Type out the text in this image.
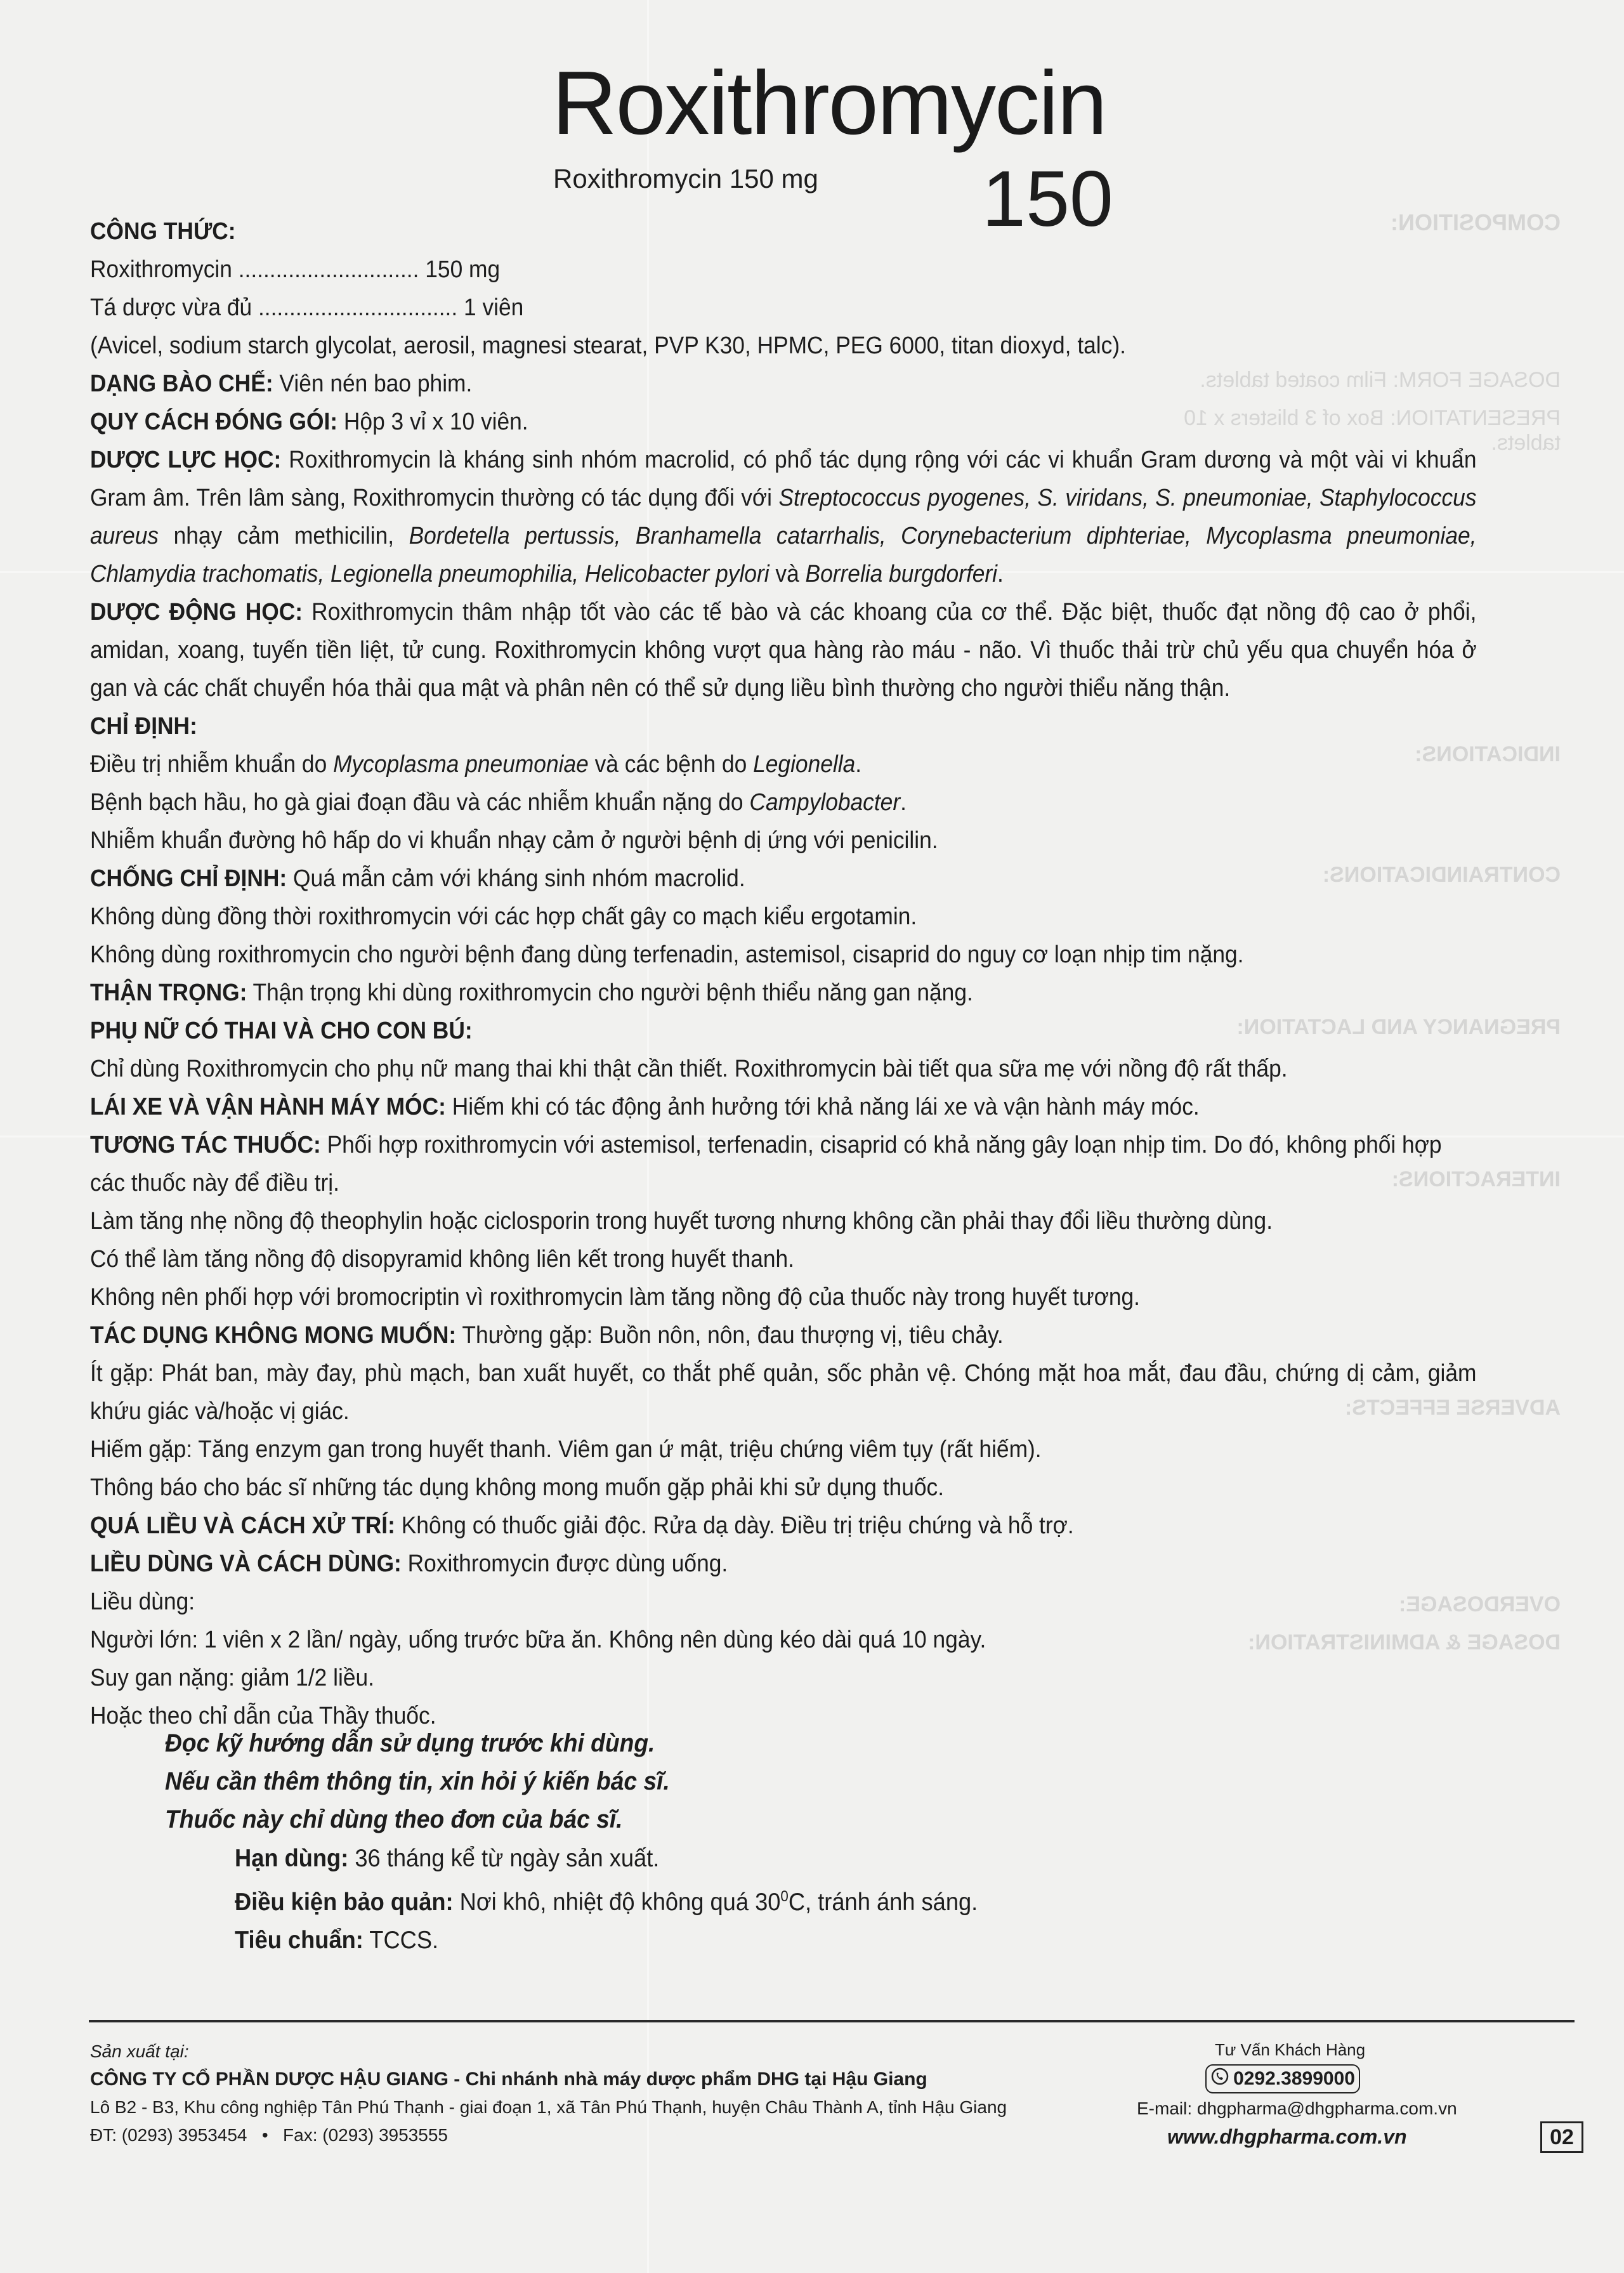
COMPOSITION:
DOSAGE FORM: Film coated tablets.
PRESENTATION: Box of 3 blisters x 10 tablets.
INDICATIONS:
CONTRAINDICATIONS:
PREGNANCY AND LACTATION:
INTERACTIONS:
ADVERSE EFFECTS:
OVERDOSAGE:
DOSAGE & ADMINISTRATION:
Roxithromycin
Roxithromycin 150 mg 150

CÔNG THỨC:

Roxithromycin ............................. 150 mg

Tá dược vừa đủ ................................ 1 viên

(Avicel, sodium starch glycolat, aerosil, magnesi stearat, PVP K30, HPMC, PEG 6000, titan dioxyd, talc).

DẠNG BÀO CHẾ: Viên nén bao phim.

QUY CÁCH ĐÓNG GÓI: Hộp 3 vỉ x 10 viên.

DƯỢC LỰC HỌC: Roxithromycin là kháng sinh nhóm macrolid, có phổ tác dụng rộng với các vi khuẩn Gram dương và một vài vi khuẩn Gram âm. Trên lâm sàng, Roxithromycin thường có tác dụng đối với Streptococcus pyogenes, S. viridans, S. pneumoniae, Staphylococcus aureus nhạy cảm methicilin, Bordetella pertussis, Branhamella catarrhalis, Corynebacterium diphteriae, Mycoplasma pneumoniae, Chlamydia trachomatis, Legionella pneumophilia, Helicobacter pylori và Borrelia burgdorferi.

DƯỢC ĐỘNG HỌC: Roxithromycin thâm nhập tốt vào các tế bào và các khoang của cơ thể. Đặc biệt, thuốc đạt nồng độ cao ở phổi, amidan, xoang, tuyến tiền liệt, tử cung. Roxithromycin không vượt qua hàng rào máu - não. Vì thuốc thải trừ chủ yếu qua chuyển hóa ở gan và các chất chuyển hóa thải qua mật và phân nên có thể sử dụng liều bình thường cho người thiểu năng thận.

CHỈ ĐỊNH:

Điều trị nhiễm khuẩn do Mycoplasma pneumoniae và các bệnh do Legionella.

Bệnh bạch hầu, ho gà giai đoạn đầu và các nhiễm khuẩn nặng do Campylobacter.

Nhiễm khuẩn đường hô hấp do vi khuẩn nhạy cảm ở người bệnh dị ứng với penicilin.

CHỐNG CHỈ ĐỊNH: Quá mẫn cảm với kháng sinh nhóm macrolid.

Không dùng đồng thời roxithromycin với các hợp chất gây co mạch kiểu ergotamin.

Không dùng roxithromycin cho người bệnh đang dùng terfenadin, astemisol, cisaprid do nguy cơ loạn nhịp tim nặng.

THẬN TRỌNG: Thận trọng khi dùng roxithromycin cho người bệnh thiểu năng gan nặng.

PHỤ NỮ CÓ THAI VÀ CHO CON BÚ:

Chỉ dùng Roxithromycin cho phụ nữ mang thai khi thật cần thiết. Roxithromycin bài tiết qua sữa mẹ với nồng độ rất thấp.

LÁI XE VÀ VẬN HÀNH MÁY MÓC: Hiếm khi có tác động ảnh hưởng tới khả năng lái xe và vận hành máy móc.

TƯƠNG TÁC THUỐC: Phối hợp roxithromycin với astemisol, terfenadin, cisaprid có khả năng gây loạn nhịp tim. Do đó, không phối hợp các thuốc này để điều trị.

Làm tăng nhẹ nồng độ theophylin hoặc ciclosporin trong huyết tương nhưng không cần phải thay đổi liều thường dùng.

Có thể làm tăng nồng độ disopyramid không liên kết trong huyết thanh.

Không nên phối hợp với bromocriptin vì roxithromycin làm tăng nồng độ của thuốc này trong huyết tương.

TÁC DỤNG KHÔNG MONG MUỐN: Thường gặp: Buồn nôn, nôn, đau thượng vị, tiêu chảy.

Ít gặp: Phát ban, mày đay, phù mạch, ban xuất huyết, co thắt phế quản, sốc phản vệ. Chóng mặt hoa mắt, đau đầu, chứng dị cảm, giảm khứu giác và/hoặc vị giác.

Hiếm gặp: Tăng enzym gan trong huyết thanh. Viêm gan ứ mật, triệu chứng viêm tụy (rất hiếm).

Thông báo cho bác sĩ những tác dụng không mong muốn gặp phải khi sử dụng thuốc.

QUÁ LIỀU VÀ CÁCH XỬ TRÍ: Không có thuốc giải độc. Rửa dạ dày. Điều trị triệu chứng và hỗ trợ.

LIỀU DÙNG VÀ CÁCH DÙNG: Roxithromycin được dùng uống.

Liều dùng:

Người lớn: 1 viên x 2 lần/ ngày, uống trước bữa ăn. Không nên dùng kéo dài quá 10 ngày.

Suy gan nặng: giảm 1/2 liều.

Hoặc theo chỉ dẫn của Thầy thuốc.

Đọc kỹ hướng dẫn sử dụng trước khi dùng.

Nếu cần thêm thông tin, xin hỏi ý kiến bác sĩ.

Thuốc này chỉ dùng theo đơn của bác sĩ.

Hạn dùng: 36 tháng kể từ ngày sản xuất.

Điều kiện bảo quản: Nơi khô, nhiệt độ không quá $30^0C$, tránh ánh sáng.

Tiêu chuẩn: TCCS.

Sản xuất tại:

CÔNG TY CỔ PHẦN DƯỢC HẬU GIANG - Chi nhánh nhà máy dược phẩm DHG tại Hậu Giang

Lô B2 - B3, Khu công nghiệp Tân Phú Thạnh - giai đoạn 1, xã Tân Phú Thạnh, huyện Châu Thành A, tỉnh Hậu Giang

ĐT: (0293) 3953454 • Fax: (0293) 3953555

Tư Vấn Khách Hàng
0292.3899000
E-mail: dhgpharma@dhgpharma.com.vn
www.dhgpharma.com.vn	02
